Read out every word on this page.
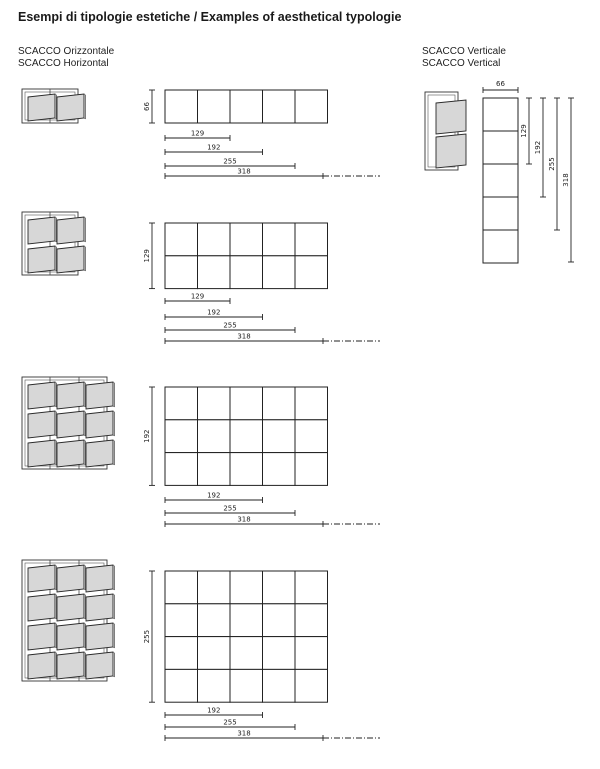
Esempi di tipologie estetiche / Examples of aesthetical typologie
SCACCO Orizzontale
SCACCO Horizontal
SCACCO Verticale
SCACCO Vertical
66
129
192
255
318
129
129
192
255
318
192
192
255
318
255
192
255
318
66
129
192
255
318
